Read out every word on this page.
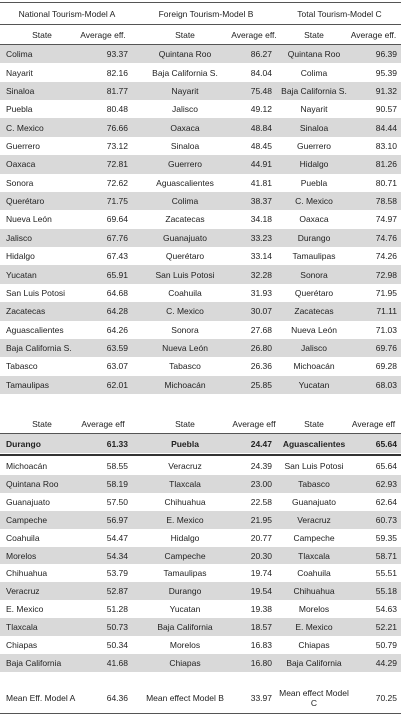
National Tourism-Model A	Foreign Tourism-Model B	Total Tourism-Model C
State	Average eff.	State	Average eff.	State	Average eff.
Colima	93.37	Quintana Roo	86.27 Quintana Roo	96.39
Nayarit	82.16	Baja California S.	84.04	Colima	95.39
Sinaloa	81.77	Nayarit	75.48 Baja California S.	91.32
Puebla	80.48	Jalisco	49.12	Nayarit	90.57
C. Mexico	76.66	Oaxaca	48.84	Sinaloa	84.44
Guerrero	73.12	Sinaloa	48.45	Guerrero	83.10
Oaxaca	72.81	Guerrero	44.91	Hidalgo	81.26
Sonora	72.62	Aguascalientes	41.81	Puebla	80.71
Querétaro	71.75	Colima	38.37	C. Mexico	78.58
Nueva León	69.64	Zacatecas	34.18	Oaxaca	74.97
Jalisco	67.76	Guanajuato	33.23	Durango	74.76
Hidalgo	67.43	Querétaro	33.14 Tamaulipas	74.26
Yucatan	65.91	San Luis Potosi	32.28	Sonora	72.98
San Luis Potosi	64.68	Coahuila	31.93	Querétaro	71.95
Zacatecas	64.28	C. Mexico	30.07	Zacatecas	71.11
Aguascalientes	64.26	Sonora	27.68 Nueva León	71.03
Baja California S.	63.59	Nueva León	26.80	Jalisco	69.76
Tabasco	63.07	Tabasco	26.36	Michoacán	69.28
Tamaulipas	62.01	Michoacán	25.85	Yucatan	68.03
State	Average eff	State	Average eff	State	Average eff
Durango	61.33	Puebla	24.47 Aguascalientes	65.64
Michoacán	58.55	Veracruz	24.39 San Luis Potosi	65.64
Quintana Roo	58.19	Tlaxcala	23.00	Tabasco	62.93
Guanajuato	57.50	Chihuahua	22.58 Guanajuato	62.64
Campeche	56.97	E. Mexico	21.95	Veracruz	60.73
Coahuila	54.47	Hidalgo	20.77	Campeche	59.35
Morelos	54.34	Campeche	20.30	Tlaxcala	58.71
Chihuahua	53.79	Tamaulipas	19.74	Coahuila	55.51
Veracruz	52.87	Durango	19.54	Chihuahua	55.18
E. Mexico	51.28	Yucatan	19.38	Morelos	54.63
Tlaxcala	50.73	Baja California	18.57	E. Mexico	52.21
Chiapas	50.34	Morelos	16.83	Chiapas	50.79
Baja California	41.68	Chiapas	16.80 Baja California	44.29
Mean Eff. Model A	64.36 Mean effect Model B	33.97 Mean effect Model C	70.25
